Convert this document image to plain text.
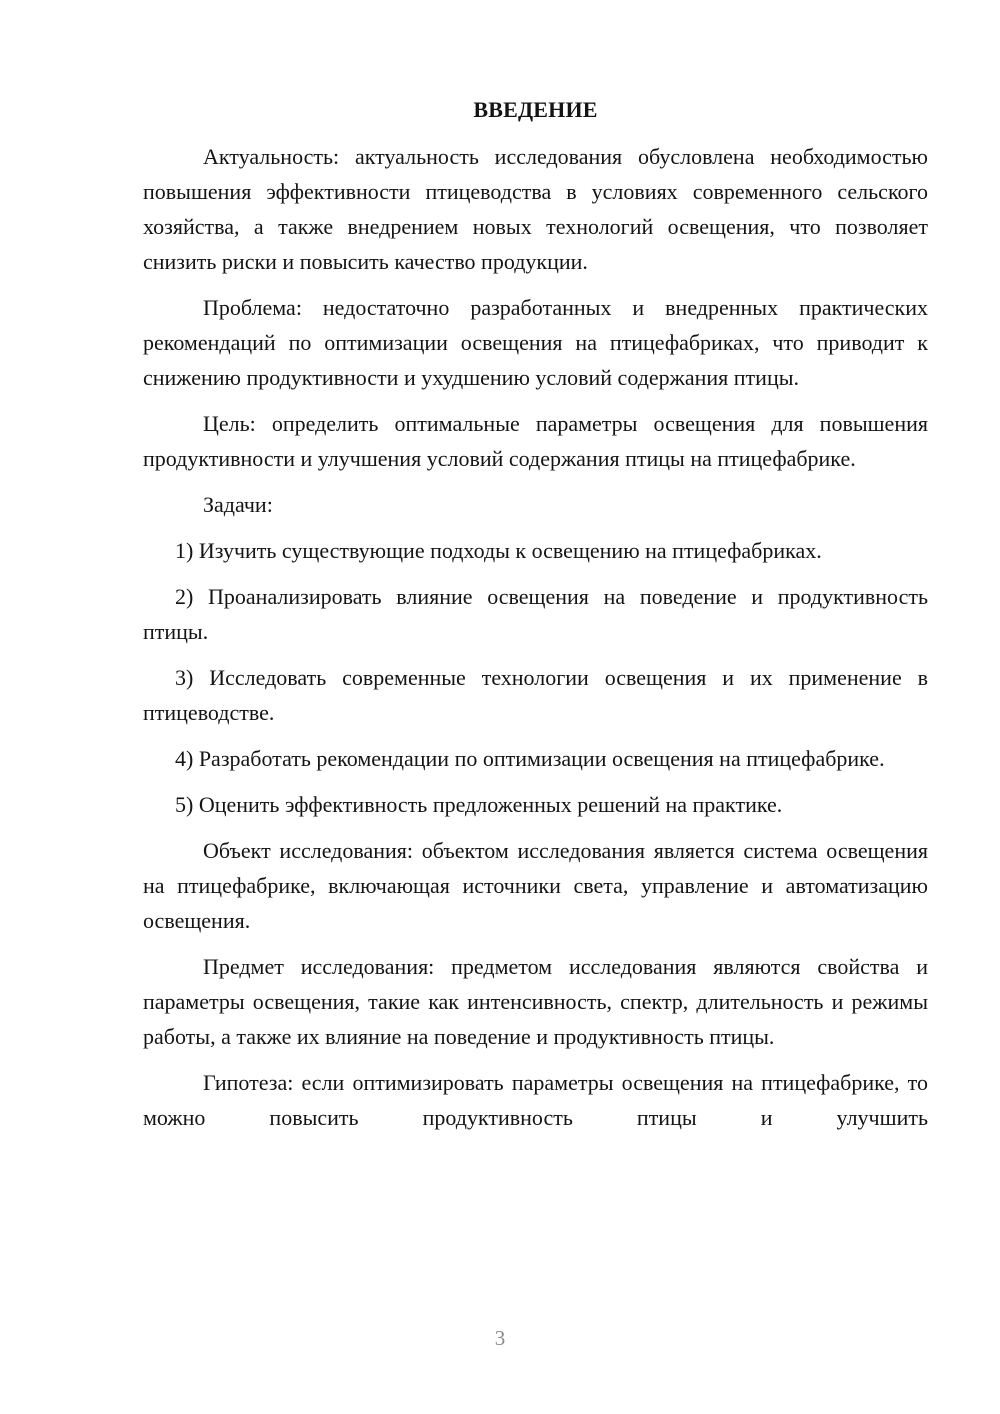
ВВЕДЕНИЕ
Актуальность: актуальность исследования обусловлена необходимостью повышения эффективности птицеводства в условиях современного сельского хозяйства, а также внедрением новых технологий освещения, что позволяет снизить риски и повысить качество продукции.
Проблема: недостаточно разработанных и внедренных практических рекомендаций по оптимизации освещения на птицефабриках, что приводит к снижению продуктивности и ухудшению условий содержания птицы.
Цель: определить оптимальные параметры освещения для повышения продуктивности и улучшения условий содержания птицы на птицефабрике.
Задачи:
1) Изучить существующие подходы к освещению на птицефабриках.
2) Проанализировать влияние освещения на поведение и продуктивность птицы.
3) Исследовать современные технологии освещения и их применение в птицеводстве.
4) Разработать рекомендации по оптимизации освещения на птицефабрике.
5) Оценить эффективность предложенных решений на практике.
Объект исследования: объектом исследования является система освещения на птицефабрике, включающая источники света, управление и автоматизацию освещения.
Предмет исследования: предметом исследования являются свойства и параметры освещения, такие как интенсивность, спектр, длительность и режимы работы, а также их влияние на поведение и продуктивность птицы.
Гипотеза: если оптимизировать параметры освещения на птицефабрике, то можно повысить продуктивность птицы и улучшить
3
